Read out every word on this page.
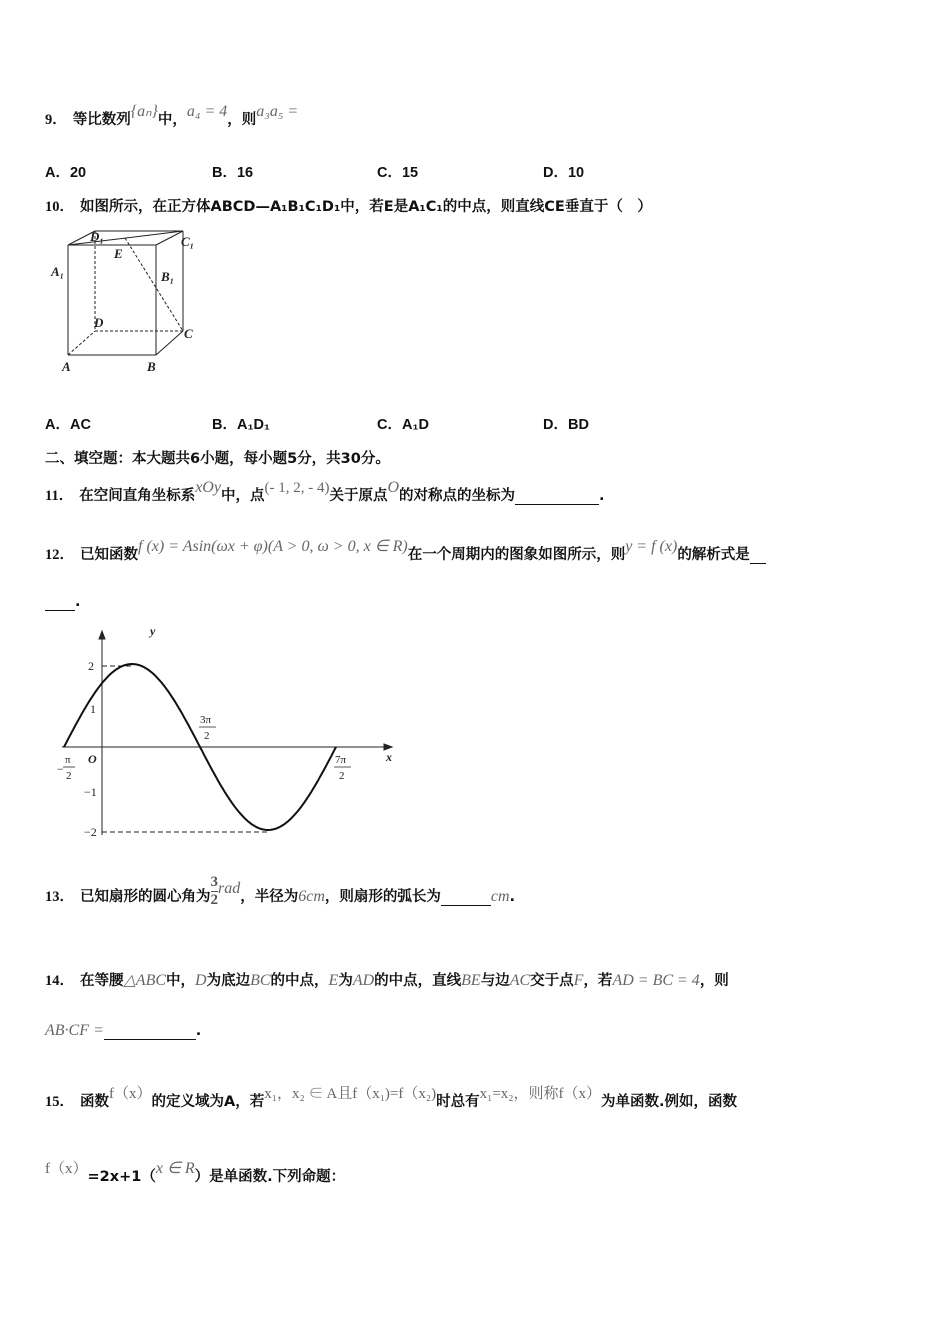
9． 等比数列{aₙ}中，a₄ = 4，则a₃a₅ =
A．20	B．16	C．15	D．10
10． 如图所示，在正方体ABCD—A₁B₁C₁D₁中，若E是A₁C₁的中点，则直线CE垂直于（　）
D₁	C₁
E
A₁	B₁
D
C
A	B
A．AC	B．A₁D₁	C．A₁D	D．BD
二、填空题：本大题共6小题，每小题5分，共30分。
11． 在空间直角坐标系xOy中，点(- 1, 2, - 4)关于原点O的对称点的坐标为	.
12． 已知函数f (x) = Asin(ωx + φ)(A > 0, ω > 0, x ∈ R)在一个周期内的图象如图所示，则y = f (x)的解析式是
.
y
x
O
2
1
−1
−2
−
π
2
3π
2
7π
2
13． 已知扇形的圆心角为 $\frac{3}{2}$ rad，半径为6cm，则扇形的弧长为	cm.
14． 在等腰△ABC中，D为底边BC的中点，E为AD的中点，直线BE与边AC交于点F，若AD = BC = 4，则
AB·CF =	.
15． 函数f（x）的定义域为A，若x₁，x₂ ∈ A且f（x₁)=f（x₂)时总有x₁=x₂，则称f（x）为单函数.例如，函数
f（x）=2x+1（x ∈ R）是单函数.下列命题：
